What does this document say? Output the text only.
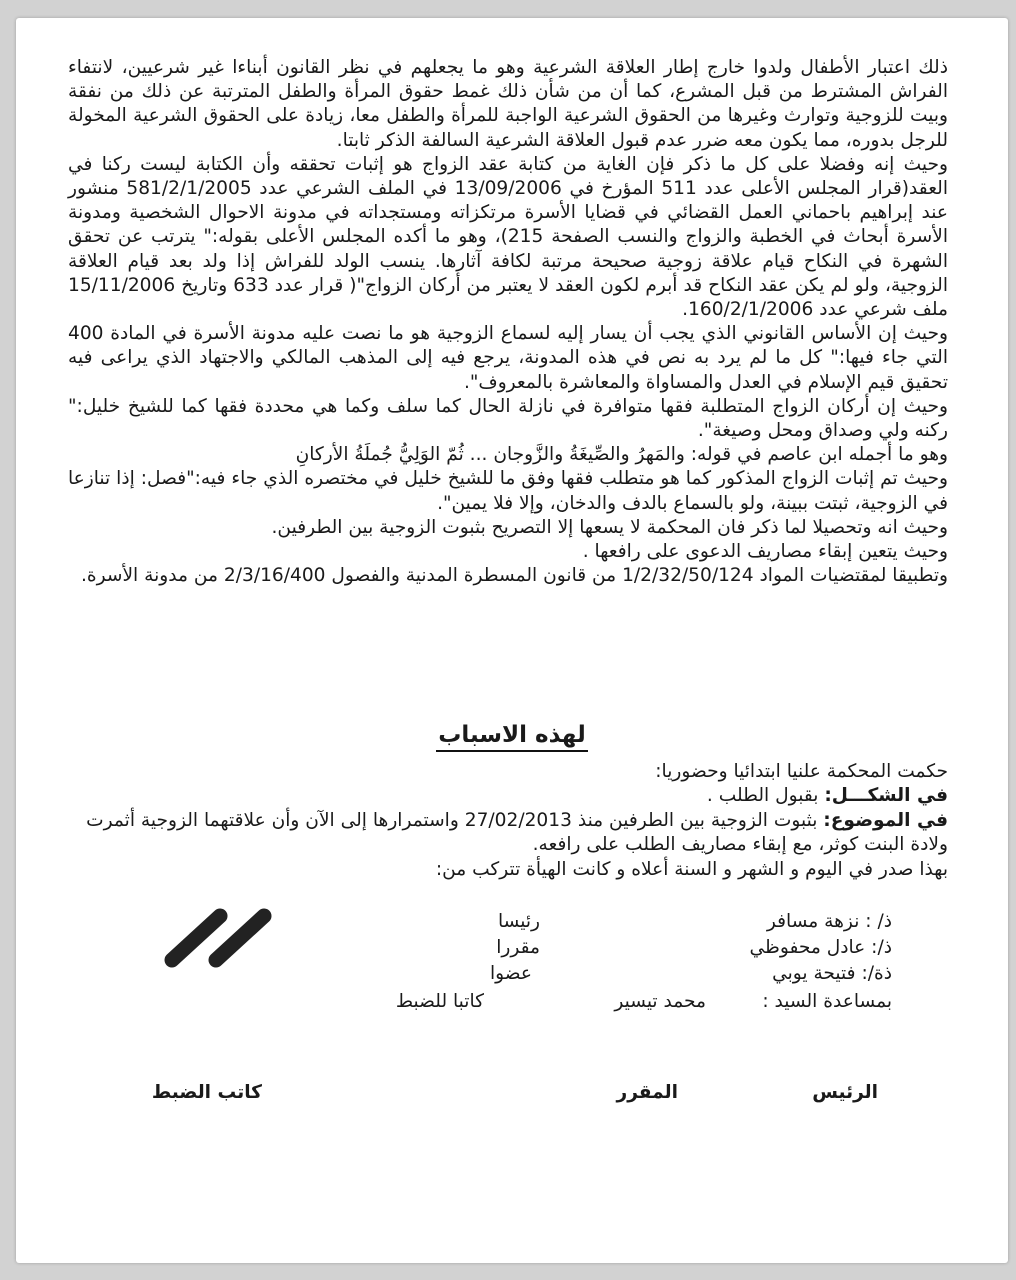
ذلك اعتبار الأطفال ولدوا خارج إطار العلاقة الشرعية وهو ما يجعلهم في نظر القانون أبناءا غير شرعيين، لانتفاء الفراش المشترط من قبل المشرع، كما أن من شأن ذلك غمط حقوق المرأة والطفل المترتبة عن ذلك من نفقة وبيت للزوجية وتوارث وغيرها من الحقوق الشرعية الواجبة للمرأة والطفل معا، زيادة على الحقوق الشرعية المخولة للرجل بدوره، مما يكون معه ضرر عدم قبول العلاقة الشرعية السالفة الذكر ثابتا.

وحيث إنه وفضلا على كل ما ذكر فإن الغاية من كتابة عقد الزواج هو إثبات تحققه وأن الكتابة ليست ركنا في العقد(قرار المجلس الأعلى عدد 511 المؤرخ في 13/09/2006 في الملف الشرعي عدد 581/2/1/2005 منشور عند إبراهيم باحماني العمل القضائي في قضايا الأسرة مرتكزاته ومستجداته في مدونة الاحوال الشخصية ومدونة الأسرة أبحاث في الخطبة والزواج والنسب الصفحة 215)، وهو ما أكده المجلس الأعلى بقوله:" يترتب عن تحقق الشهرة في النكاح قيام علاقة زوجية صحيحة مرتبة لكافة آثارها. ينسب الولد للفراش إذا ولد بعد قيام العلاقة الزوجية، ولو لم يكن عقد النكاح قد أبرم لكون العقد لا يعتبر من أركان الزواج"( قرار عدد 633 وتاريخ 15/11/2006 ملف شرعي عدد 160/2/1/2006.

وحيث إن الأساس القانوني الذي يجب أن يسار إليه لسماع الزوجية هو ما نصت عليه مدونة الأسرة في المادة 400 التي جاء فيها:" كل ما لم يرد به نص في هذه المدونة، يرجع فيه إلى المذهب المالكي والاجتهاد الذي يراعى فيه تحقيق قيم الإسلام في العدل والمساواة والمعاشرة بالمعروف".

وحيث إن أركان الزواج المتطلبة فقها متوافرة في نازلة الحال كما سلف وكما هي محددة فقها كما للشيخ خليل:" ركنه ولي وصداق ومحل وصيغة".

وهو ما أجمله ابن عاصم في قوله: والمَهرُ والصِّيغَةُ والزَّوجان ... ثُمّ الوَلِيُّ جُملَةُ الأركانِ

وحيث تم إثبات الزواج المذكور كما هو متطلب فقها وفق ما للشيخ خليل في مختصره الذي جاء فيه:"فصل: إذا تنازعا في الزوجية، ثبتت ببينة، ولو بالسماع بالدف والدخان، وإلا فلا يمين".

وحيث انه وتحصيلا لما ذكر فان المحكمة لا يسعها إلا التصريح بثبوت الزوجية بين الطرفين.

وحيث يتعين إبقاء مصاريف الدعوى على رافعها .

وتطبيقا لمقتضيات المواد 1/2/32/50/124 من قانون المسطرة المدنية والفصول 2/3/16/400 من مدونة الأسرة.

لهذه الاسباب

حكمت المحكمة علنيا ابتدائيا وحضوريا:

في الشكـــل: بقبول الطلب .

في الموضوع: بثبوت الزوجية بين الطرفين منذ 27/02/2013 واستمرارها إلى الآن وأن علاقتهما الزوجية أثمرت ولادة البنت كوثر، مع إبقاء مصاريف الطلب على رافعه.

بهذا صدر في اليوم و الشهر و السنة أعلاه و كانت الهيأة تتركب من:

ذ/ : نزهة مسافر
رئيسا
ذ/: عادل محفوظي
مقررا
ذة/: فتيحة يوبي
عضوا
بمساعدة السيد :
محمد تيسير
كاتبا للضبط
الرئيس
المقرر
كاتب الضبط
